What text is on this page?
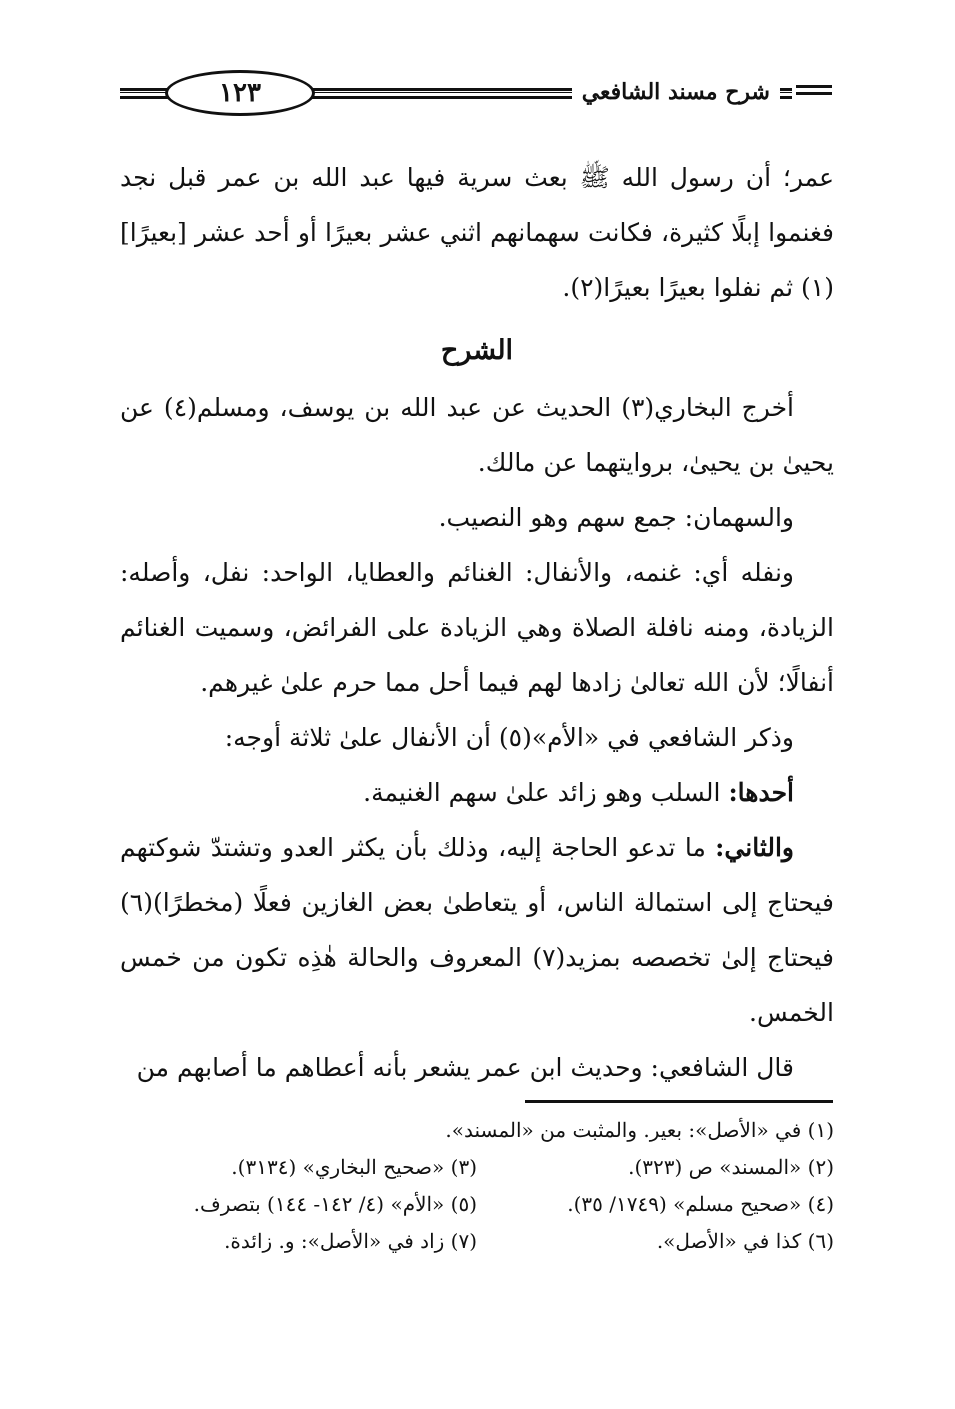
١٢٣	شرح مسند الشافعي

عمر؛ أن رسول الله ﷺ بعث سرية فيها عبد الله بن عمر قبل نجد فغنموا إبلًا كثيرة، فكانت سهمانهم اثني عشر بعيرًا أو أحد عشر [بعيرًا](١) ثم نفلوا بعيرًا بعيرًا(٢).

الشرح

أخرج البخاري(٣) الحديث عن عبد الله بن يوسف، ومسلم(٤) عن يحيىٰ بن يحيىٰ، بروايتهما عن مالك.

والسهمان: جمع سهم وهو النصيب.

ونفله أي: غنمه، والأنفال: الغنائم والعطايا، الواحد: نفل، وأصله: الزيادة، ومنه نافلة الصلاة وهي الزيادة على الفرائض، وسميت الغنائم أنفالًا؛ لأن الله تعالىٰ زادها لهم فيما أحل مما حرم علىٰ غيرهم.

وذكر الشافعي في «الأم»(٥) أن الأنفال علىٰ ثلاثة أوجه:

أحدها: السلب وهو زائد علىٰ سهم الغنيمة.

والثاني: ما تدعو الحاجة إليه، وذلك بأن يكثر العدو وتشتدّ شوكتهم فيحتاج إلى استمالة الناس، أو يتعاطىٰ بعض الغازين فعلًا (مخطرًا)(٦) فيحتاج إلىٰ تخصصه بمزيد(٧) المعروف والحالة هٰذِه تكون من خمس الخمس.

قال الشافعي: وحديث ابن عمر يشعر بأنه أعطاهم ما أصابهم من

(١) في «الأصل»: بعير. والمثبت من «المسند».
(٢) «المسند» ص (٣٢٣).
(٣) «صحيح البخاري» (٣١٣٤).
(٤) «صحيح مسلم» (١٧٤٩/ ٣٥).
(٥) «الأم» (٤/ ١٤٢- ١٤٤) بتصرف.
(٦) كذا في «الأصل».
(٧) زاد في «الأصل»: و. زائدة.
